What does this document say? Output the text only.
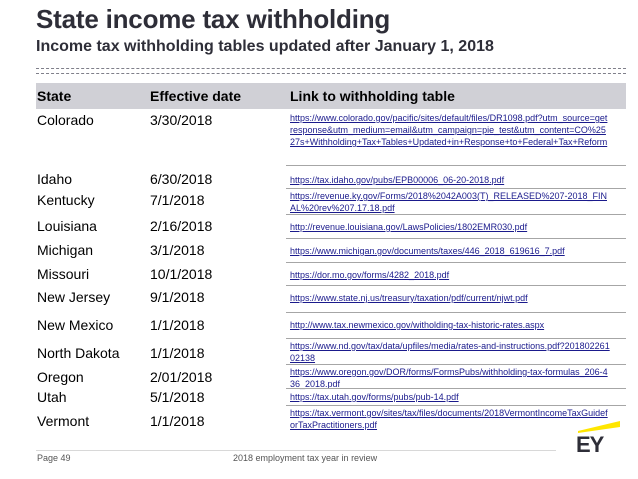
State income tax withholding
Income tax withholding tables updated after January 1, 2018
State	Effective date	Link to withholding table
Colorado	3/30/2018	https://www.colorado.gov/pacific/sites/default/files/DR1098.pdf?utm_source=getresponse&utm_medium=email&utm_campaign=pie_test&utm_content=CO%2527s+Withholding+Tax+Tables+Updated+in+Response+to+Federal+Tax+Reform
Idaho	6/30/2018	https://tax.idaho.gov/pubs/EPB00006_06-20-2018.pdf
Kentucky	7/1/2018	https://revenue.ky.gov/Forms/2018%2042A003(T)_RELEASED%207-2018_FINAL%20rev%207.17.18.pdf
Louisiana	2/16/2018	http://revenue.louisiana.gov/LawsPolicies/1802EMR030.pdf
Michigan	3/1/2018	https://www.michigan.gov/documents/taxes/446_2018_619616_7.pdf
Missouri	10/1/2018	https://dor.mo.gov/forms/4282_2018.pdf
New Jersey	9/1/2018	https://www.state.nj.us/treasury/taxation/pdf/current/njwt.pdf
New Mexico	1/1/2018	http://www.tax.newmexico.gov/witholding-tax-historic-rates.aspx
North Dakota 1/1/2018	https://www.nd.gov/tax/data/upfiles/media/rates-and-instructions.pdf?20180226102138
Oregon	2/01/2018	https://www.oregon.gov/DOR/forms/FormsPubs/withholding-tax-formulas_206-436_2018.pdf
Utah	5/1/2018	https://tax.utah.gov/forms/pubs/pub-14.pdf
Vermont	1/1/2018	https://tax.vermont.gov/sites/tax/files/documents/2018VermontIncomeTaxGuideforTaxPractitioners.pdf
Page 49	2018 employment tax year in review
EY
